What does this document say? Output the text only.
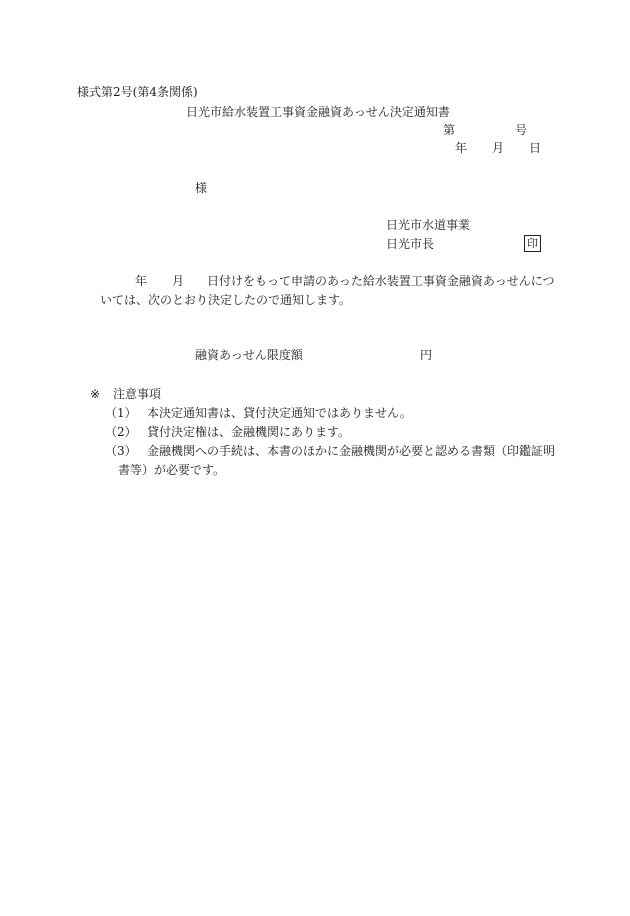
様式第2号(第4条関係)
日光市給水装置工事資金融資あっせん決定通知書
第	号
年 月 日
様
日光市水道事業
日光市長	印
年 月 日付けをもって申請のあった給水装置工事資金融資あっせんにつ
いては、次のとおり決定したので通知します。
融資あっせん限度額	円
※ 注意事項
（1） 本決定通知書は、貸付決定通知ではありません。
（2） 貸付決定権は、金融機関にあります。
（3） 金融機関への手続は、本書のほかに金融機関が必要と認める書類（印鑑証明
書等）が必要です。
